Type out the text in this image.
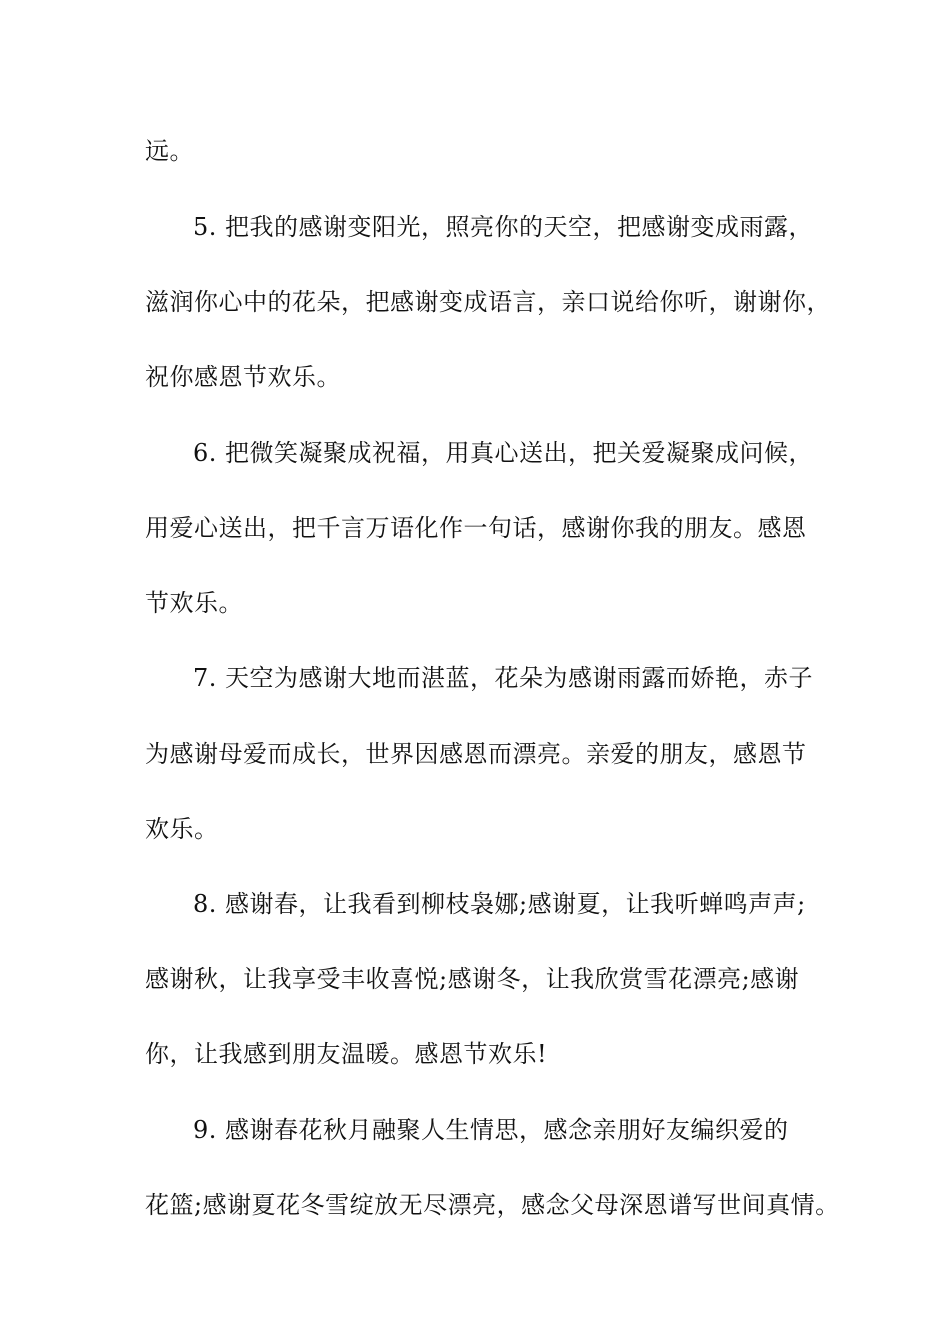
远。
5. 把我的感谢变阳光，照亮你的天空，把感谢变成雨露，
滋润你心中的花朵，把感谢变成语言，亲口说给你听，谢谢你，
祝你感恩节欢乐。
6. 把微笑凝聚成祝福，用真心送出，把关爱凝聚成问候，
用爱心送出，把千言万语化作一句话，感谢你我的朋友。感恩
节欢乐。
7. 天空为感谢大地而湛蓝，花朵为感谢雨露而娇艳，赤子
为感谢母爱而成长，世界因感恩而漂亮。亲爱的朋友，感恩节
欢乐。
8. 感谢春，让我看到柳枝袅娜;感谢夏，让我听蝉鸣声声;
感谢秋，让我享受丰收喜悦;感谢冬，让我欣赏雪花漂亮;感谢
你，让我感到朋友温暖。感恩节欢乐!
9. 感谢春花秋月融聚人生情思，感念亲朋好友编织爱的
花篮;感谢夏花冬雪绽放无尽漂亮，感念父母深恩谱写世间真情。
